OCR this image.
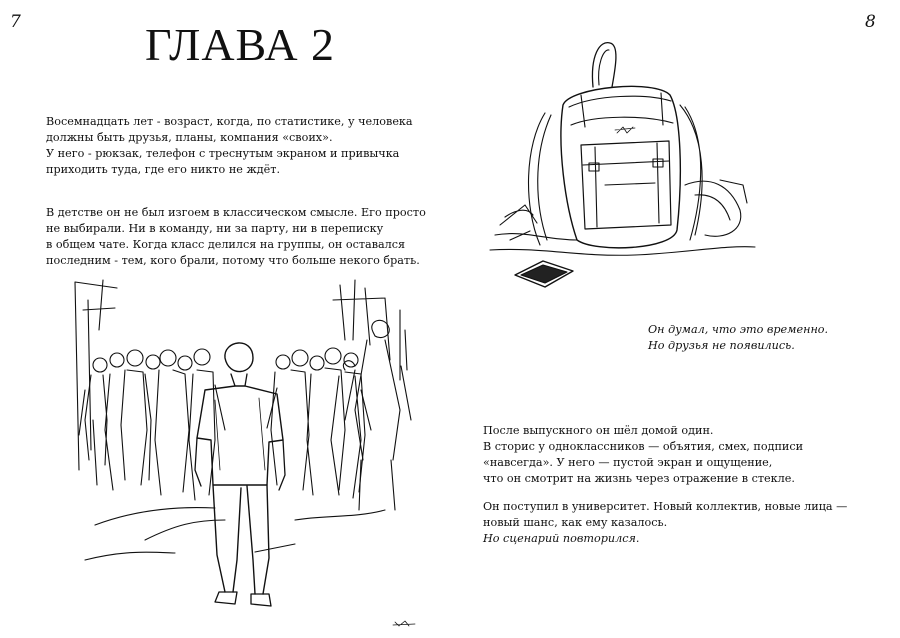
7	8
ГЛАВА 2
Восемнадцать лет - возраст, когда, по статистике, у человека
должны быть друзья, планы, компания «своих».
У него - рюкзак, телефон с треснутым экраном и привычка
приходить туда, где его никто не ждёт.
В детстве он не был изгоем в классическом смысле. Его просто
не выбирали. Ни в команду, ни за парту, ни в переписку
в общем чате. Когда класс делился на группы, он оставался
последним - тем, кого брали, потому что больше некого брать.
Он думал, что это временно.
Но друзья не появились.
После выпускного он шёл домой один.
В сторис у одноклассников — объятия, смех, подписи
«навсегда». У него — пустой экран и ощущение,
что он смотрит на жизнь через отражение в стекле.
Он поступил в университет. Новый коллектив, новые лица —
новый шанс, как ему казалось.
Но сценарий повторился.
